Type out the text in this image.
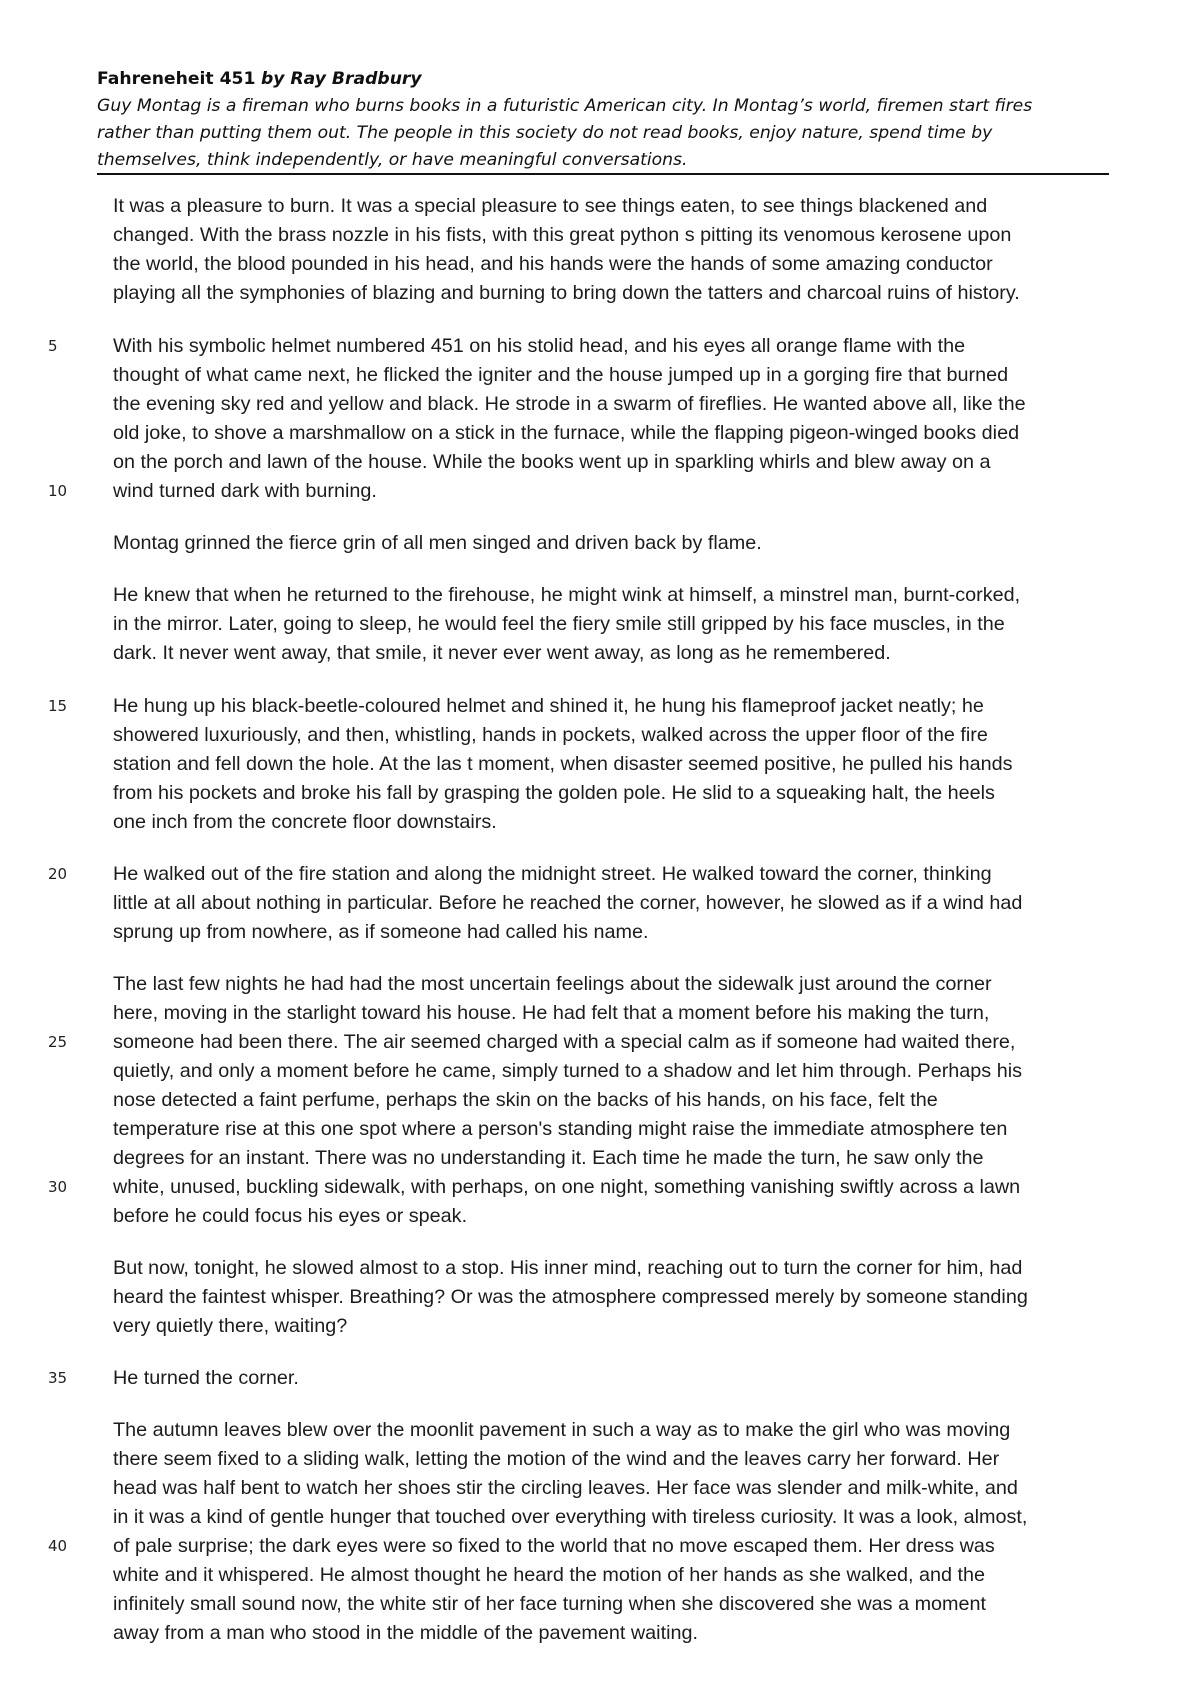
Fahreneheit 451 by Ray Bradbury
Guy Montag is a fireman who burns books in a futuristic American city. In Montag’s world, firemen start fires
rather than putting them out. The people in this society do not read books, enjoy nature, spend time by
themselves, think independently, or have meaningful conversations.
It was a pleasure to burn. It was a special pleasure to see things eaten, to see things blackened and
changed. With the brass nozzle in his fists, with this great python s pitting its venomous kerosene upon
the world, the blood pounded in his head, and his hands were the hands of some amazing conductor
playing all the symphonies of blazing and burning to bring down the tatters and charcoal ruins of history.
With his symbolic helmet numbered 451 on his stolid head, and his eyes all orange flame with the
5
thought of what came next, he flicked the igniter and the house jumped up in a gorging fire that burned
the evening sky red and yellow and black. He strode in a swarm of fireflies. He wanted above all, like the
old joke, to shove a marshmallow on a stick in the furnace, while the flapping pigeon-winged books died
on the porch and lawn of the house. While the books went up in sparkling whirls and blew away on a
wind turned dark with burning.
10
Montag grinned the fierce grin of all men singed and driven back by flame.
He knew that when he returned to the firehouse, he might wink at himself, a minstrel man, burnt-corked,
in the mirror. Later, going to sleep, he would feel the fiery smile still gripped by his face muscles, in the
dark. It never went away, that smile, it never ever went away, as long as he remembered.
He hung up his black-beetle-coloured helmet and shined it, he hung his flameproof jacket neatly; he
15
showered luxuriously, and then, whistling, hands in pockets, walked across the upper floor of the fire
station and fell down the hole. At the las t moment, when disaster seemed positive, he pulled his hands
from his pockets and broke his fall by grasping the golden pole. He slid to a squeaking halt, the heels
one inch from the concrete floor downstairs.
He walked out of the fire station and along the midnight street. He walked toward the corner, thinking
20
little at all about nothing in particular. Before he reached the corner, however, he slowed as if a wind had
sprung up from nowhere, as if someone had called his name.
The last few nights he had had the most uncertain feelings about the sidewalk just around the corner
here, moving in the starlight toward his house. He had felt that a moment before his making the turn,
someone had been there. The air seemed charged with a special calm as if someone had waited there,
25
quietly, and only a moment before he came, simply turned to a shadow and let him through. Perhaps his
nose detected a faint perfume, perhaps the skin on the backs of his hands, on his face, felt the
temperature rise at this one spot where a person's standing might raise the immediate atmosphere ten
degrees for an instant. There was no understanding it. Each time he made the turn, he saw only the
white, unused, buckling sidewalk, with perhaps, on one night, something vanishing swiftly across a lawn
30
before he could focus his eyes or speak.
But now, tonight, he slowed almost to a stop. His inner mind, reaching out to turn the corner for him, had
heard the faintest whisper. Breathing? Or was the atmosphere compressed merely by someone standing
very quietly there, waiting?
He turned the corner.
35
The autumn leaves blew over the moonlit pavement in such a way as to make the girl who was moving
there seem fixed to a sliding walk, letting the motion of the wind and the leaves carry her forward. Her
head was half bent to watch her shoes stir the circling leaves. Her face was slender and milk-white, and
in it was a kind of gentle hunger that touched over everything with tireless curiosity. It was a look, almost,
of pale surprise; the dark eyes were so fixed to the world that no move escaped them. Her dress was
40
white and it whispered. He almost thought he heard the motion of her hands as she walked, and the
infinitely small sound now, the white stir of her face turning when she discovered she was a moment
away from a man who stood in the middle of the pavement waiting.
